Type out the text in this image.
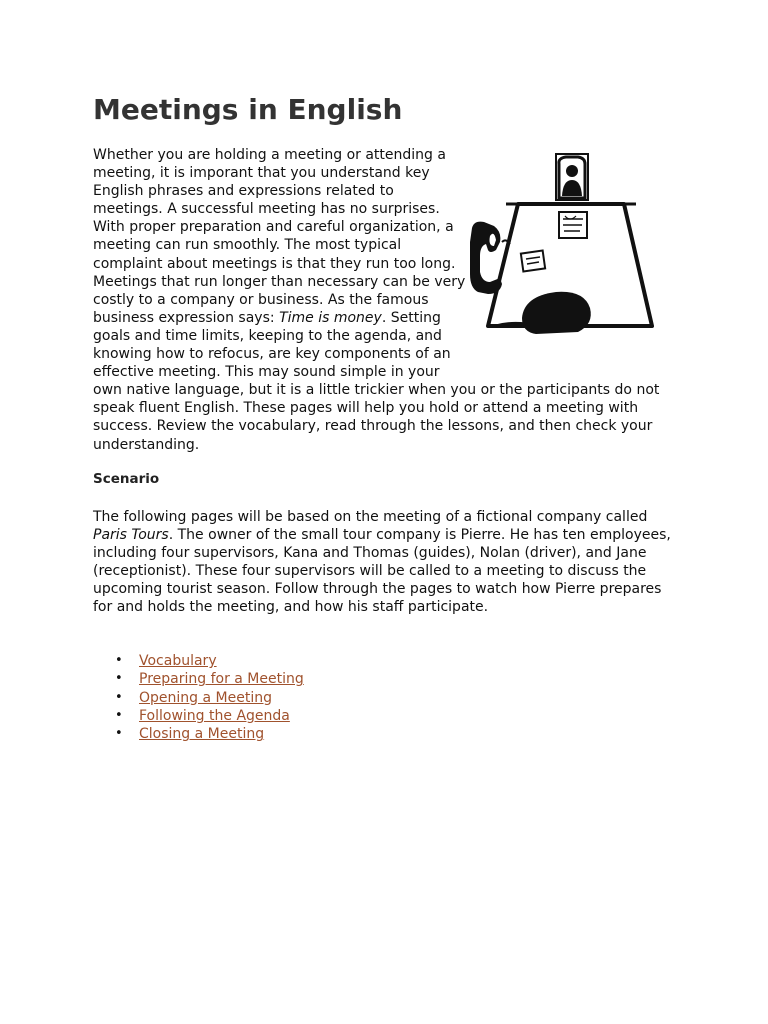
Meetings in English

Whether you are holding a meeting or attending a meeting, it is imporant that you understand key English phrases and expressions related to meetings. A successful meeting has no surprises. With proper preparation and careful organization, a meeting can run smoothly. The most typical complaint about meetings is that they run too long. Meetings that run longer than necessary can be very costly to a company or business. As the famous business expression says: Time is money. Setting goals and time limits, keeping to the agenda, and knowing how to refocus, are key components of an effective meeting. This may sound simple in your own native language, but it is a little trickier when you or the participants do not speak fluent English. These pages will help you hold or attend a meeting with success. Review the vocabulary, read through the lessons, and then check your understanding.

Scenario

The following pages will be based on the meeting of a fictional company called Paris Tours. The owner of the small tour company is Pierre. He has ten employees, including four supervisors, Kana and Thomas (guides), Nolan (driver), and Jane (receptionist). These four supervisors will be called to a meeting to discuss the upcoming tourist season. Follow through the pages to watch how Pierre prepares for and holds the meeting, and how his staff participate.

• Vocabulary
• Preparing for a Meeting
• Opening a Meeting
• Following the Agenda
• Closing a Meeting
